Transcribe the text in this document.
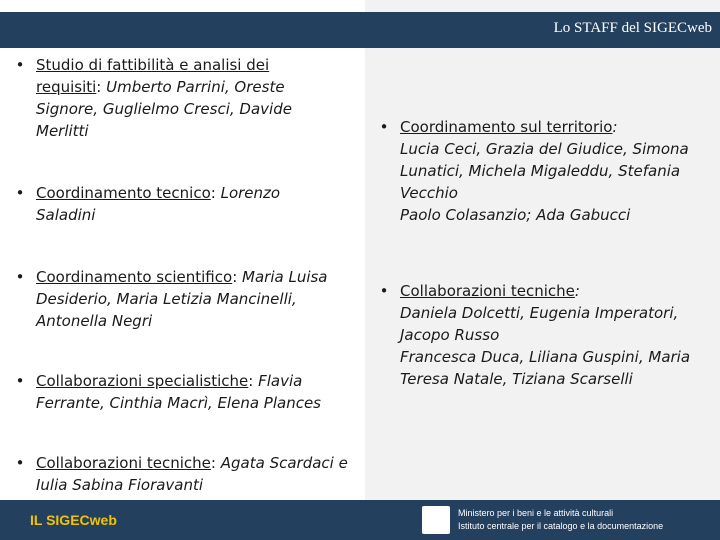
Lo STAFF del SIGECweb
• Studio di fattibilità e analisi dei requisiti: Umberto Parrini, Oreste Signore, Guglielmo Cresci, Davide Merlitti
• Coordinamento tecnico: Lorenzo Saladini
• Coordinamento scientifico: Maria Luisa Desiderio, Maria Letizia Mancinelli, Antonella Negri
• Collaborazioni specialistiche: Flavia Ferrante, Cinthia Macrì, Elena Plances
• Collaborazioni tecniche: Agata Scardaci e Iulia Sabina Fioravanti
• Coordinamento sul territorio:
Lucia Ceci, Grazia del Giudice, Simona Lunatici, Michela Migaleddu, Stefania Vecchio
Paolo Colasanzio; Ada Gabucci
• Collaborazioni tecniche:
Daniela Dolcetti, Eugenia Imperatori, Jacopo Russo
Francesca Duca, Liliana Guspini, Maria Teresa Natale, Tiziana Scarselli
IL SIGECweb	Ministero per i beni e le attività culturali
Istituto centrale per il catalogo e la documentazione
